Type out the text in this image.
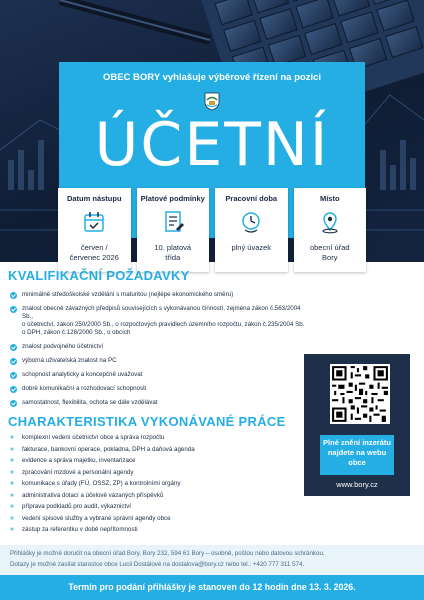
OBEC BORY vyhlašuje výběrové řízení na pozici
ÚČETNÍ
Datum nástupu
červen /
červenec 2026
Platové podmínky
10. platová
třída
Pracovní doba
plný úvazek
Místo
obecní úřad
Bory
KVALIFIKAČNÍ POŽADAVKY
minimálně středoškolské vzdělání s maturitou (nejlépe ekonomického směru)
znalost obecně závazných předpisů souvisejících s vykonávanou činností, zejména zákon č.563/2004 Sb.,
o účetnictví, zákon 250/2000 Sb., o rozpočtových pravidlech územního rozpočtu, zákon č.235/2004 Sb.
o DPH, zákon č.128/2000 Sb., o obcích
znalost podvojného účetnictví
výborná uživatelská znalost na PC
schopnost analyticky a koncepčně uvažovat
dobré komunikační a rozhodovací schopnosti
samostatnost, flexibilita, ochota se dále vzdělávat
CHARAKTERISTIKA VYKONÁVANÉ PRÁCE
» komplexní vedení účetnictví obce a správa rozpočtu
» fakturace, bankovní operace, pokladna, DPH a daňová agenda
» evidence a správa majetku, inventarizace
» zpracování mzdové a personální agendy
» komunikace s úřady (FÚ, OSSZ, ZP) a kontrolními orgány
» administrativa dotací a účelově vázaných příspěvků
» příprava podkladů pro audit, výkaznictví
» vedení spisové služby a vybrané správní agendy obce
» zástup za referentku v době nepřítomnosti
Plné znění inzerátu
najdete na webu
obce
www.bory.cz

Přihlášky je možné doručit na obecní úřad Bory, Bory 232, 594 61 Bory – osobně, poštou nebo datovou schránkou.

Dotazy je možné zasílat starostce obce Lucii Dostálové na dostalova@bory.cz nebo tel.: +420 777 311 574.

Termín pro podání přihlášky je stanoven do 12 hodin dne 13. 3. 2026.
